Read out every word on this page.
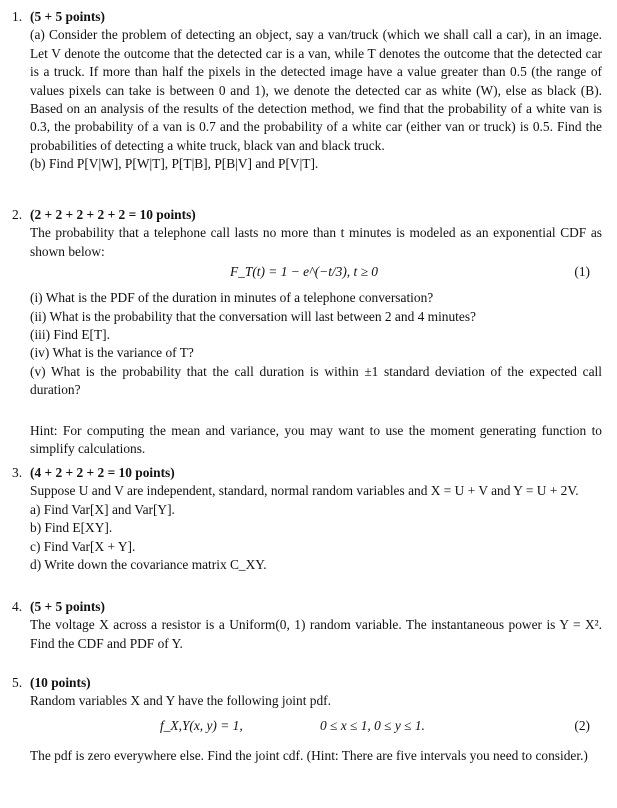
1. (5 + 5 points)

(a) Consider the problem of detecting an object, say a van/truck (which we shall call a car), in an image. Let V denote the outcome that the detected car is a van, while T denotes the outcome that the detected car is a truck. If more than half the pixels in the detected image have a value greater than 0.5 (the range of values pixels can take is between 0 and 1), we denote the detected car as white (W), else as black (B). Based on an analysis of the results of the detection method, we find that the probability of a white van is 0.3, the probability of a van is 0.7 and the probability of a white car (either van or truck) is 0.5. Find the probabilities of detecting a white truck, black van and black truck.

(b) Find P[V|W], P[W|T], P[T|B], P[B|V] and P[V|T].

2. (2 + 2 + 2 + 2 + 2 = 10 points)

The probability that a telephone call lasts no more than t minutes is modeled as an exponential CDF as shown below:

F_T(t) = 1 − e^(−t/3), t ≥ 0	(1)

(i) What is the PDF of the duration in minutes of a telephone conversation?

(ii) What is the probability that the conversation will last between 2 and 4 minutes?

(iii) Find E[T].

(iv) What is the variance of T?

(v) What is the probability that the call duration is within ±1 standard deviation of the expected call duration?

Hint: For computing the mean and variance, you may want to use the moment generating function to simplify calculations.

3. (4 + 2 + 2 + 2 = 10 points)

Suppose U and V are independent, standard, normal random variables and X = U + V and Y = U + 2V.

a) Find Var[X] and Var[Y].

b) Find E[XY].

c) Find Var[X + Y].

d) Write down the covariance matrix C_XY.

4. (5 + 5 points)

The voltage X across a resistor is a Uniform(0, 1) random variable. The instantaneous power is Y = X². Find the CDF and PDF of Y.

5. (10 points)

Random variables X and Y have the following joint pdf.

f_X,Y(x, y) = 1,	0 ≤ x ≤ 1, 0 ≤ y ≤ 1.	(2)

The pdf is zero everywhere else. Find the joint cdf. (Hint: There are five intervals you need to consider.)
